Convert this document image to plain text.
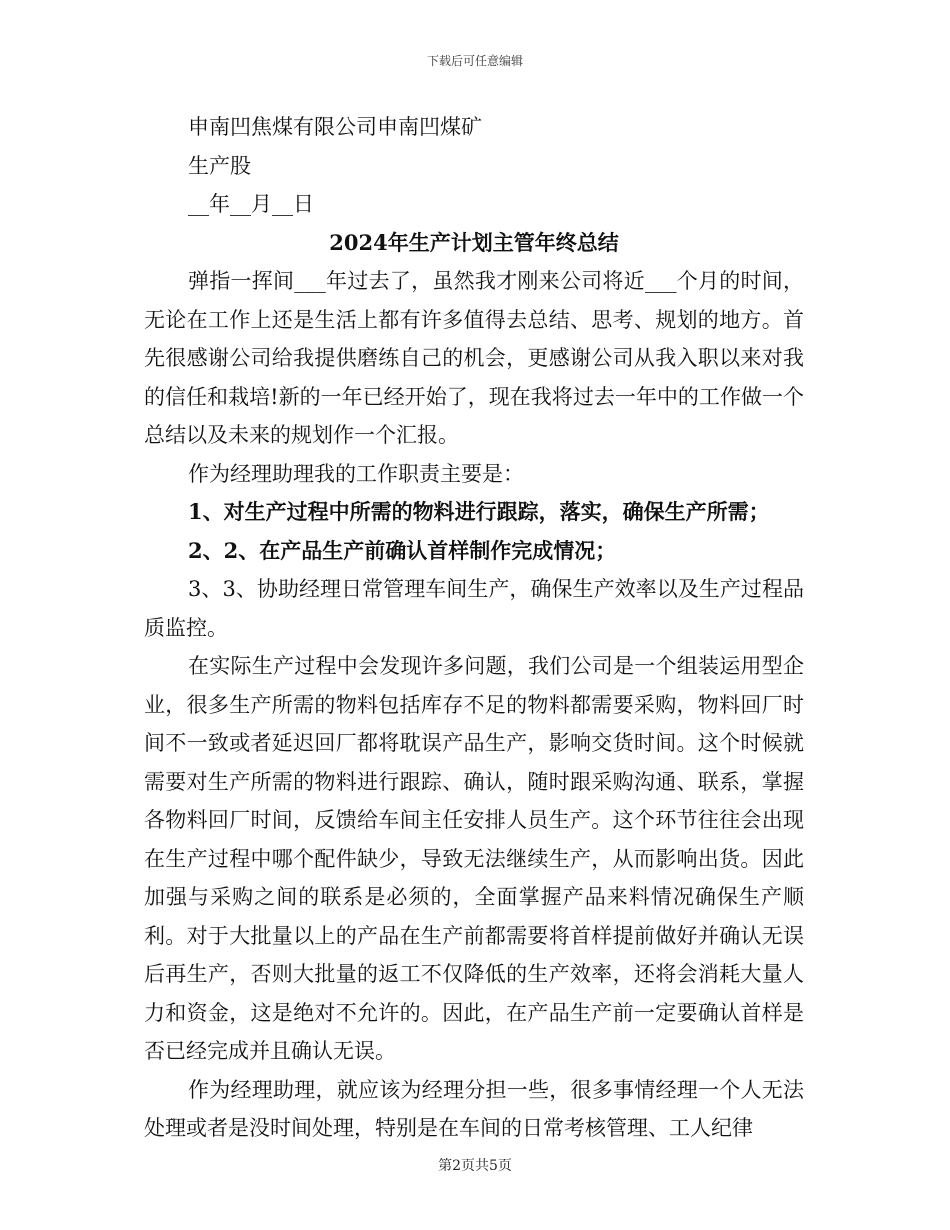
下载后可任意编辑

申南凹焦煤有限公司申南凹煤矿

生产股

__年__月__日

2024年生产计划主管年终总结

弹指一挥间___年过去了，虽然我才刚来公司将近___个月的时间，无论在工作上还是生活上都有许多值得去总结、思考、规划的地方。首先很感谢公司给我提供磨练自己的机会，更感谢公司从我入职以来对我的信任和栽培!新的一年已经开始了，现在我将过去一年中的工作做一个总结以及未来的规划作一个汇报。

作为经理助理我的工作职责主要是：

1、对生产过程中所需的物料进行跟踪，落实，确保生产所需；

2、2、在产品生产前确认首样制作完成情况；

3、3、协助经理日常管理车间生产，确保生产效率以及生产过程品质监控。

在实际生产过程中会发现许多问题，我们公司是一个组装运用型企业，很多生产所需的物料包括库存不足的物料都需要采购，物料回厂时间不一致或者延迟回厂都将耽误产品生产，影响交货时间。这个时候就需要对生产所需的物料进行跟踪、确认，随时跟采购沟通、联系，掌握各物料回厂时间，反馈给车间主任安排人员生产。这个环节往往会出现在生产过程中哪个配件缺少，导致无法继续生产，从而影响出货。因此加强与采购之间的联系是必须的，全面掌握产品来料情况确保生产顺利。对于大批量以上的产品在生产前都需要将首样提前做好并确认无误后再生产，否则大批量的返工不仅降低的生产效率，还将会消耗大量人力和资金，这是绝对不允许的。因此，在产品生产前一定要确认首样是否已经完成并且确认无误。

作为经理助理，就应该为经理分担一些，很多事情经理一个人无法处理或者是没时间处理，特别是在车间的日常考核管理、工人纪律

第2页共5页
